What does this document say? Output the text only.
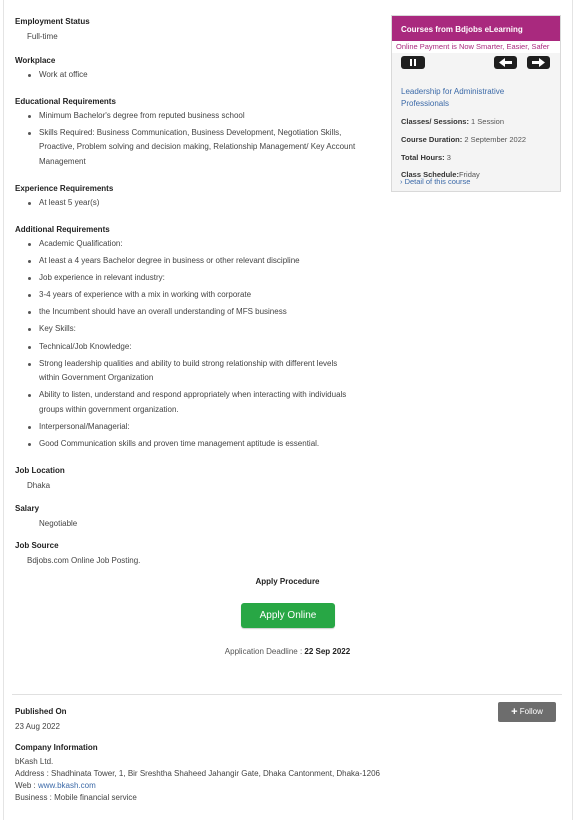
Employment Status
Full-time
Workplace
Work at office
Educational Requirements
Minimum Bachelor's degree from reputed business school
Skills Required: Business Communication, Business Development, Negotiation Skills, Proactive, Problem solving and decision making, Relationship Management/ Key Account Management
Experience Requirements
At least 5 year(s)
Additional Requirements
Academic Qualification:
At least a 4 years Bachelor degree in business or other relevant discipline
Job experience in relevant industry:
3-4 years of experience with a mix in working with corporate
the Incumbent should have an overall understanding of MFS business
Key Skills:
Technical/Job Knowledge:
Strong leadership qualities and ability to build strong relationship with different levels within Government Organization
Ability to listen, understand and respond appropriately when interacting with individuals groups within government organization.
Interpersonal/Managerial:
Good Communication skills and proven time management aptitude is essential.
Job Location
Dhaka
Salary
Negotiable
Job Source
Bdjobs.com Online Job Posting.
Apply Procedure
Apply Online
Application Deadline : 22 Sep 2022
Published On
23 Aug 2022
+ Follow
Company Information
bKash Ltd.
Address : Shadhinata Tower, 1, Bir Sreshtha Shaheed Jahangir Gate, Dhaka Cantonment, Dhaka-1206
Web : www.bkash.com
Business : Mobile financial service
Courses from Bdjobs eLearning
Online Payment is Now Smarter, Easier, Safer
Leadership for Administrative Professionals
Classes/ Sessions: 1 Session
Course Duration: 2 September 2022
Total Hours: 3
Class Schedule:Friday
› Detail of this course
